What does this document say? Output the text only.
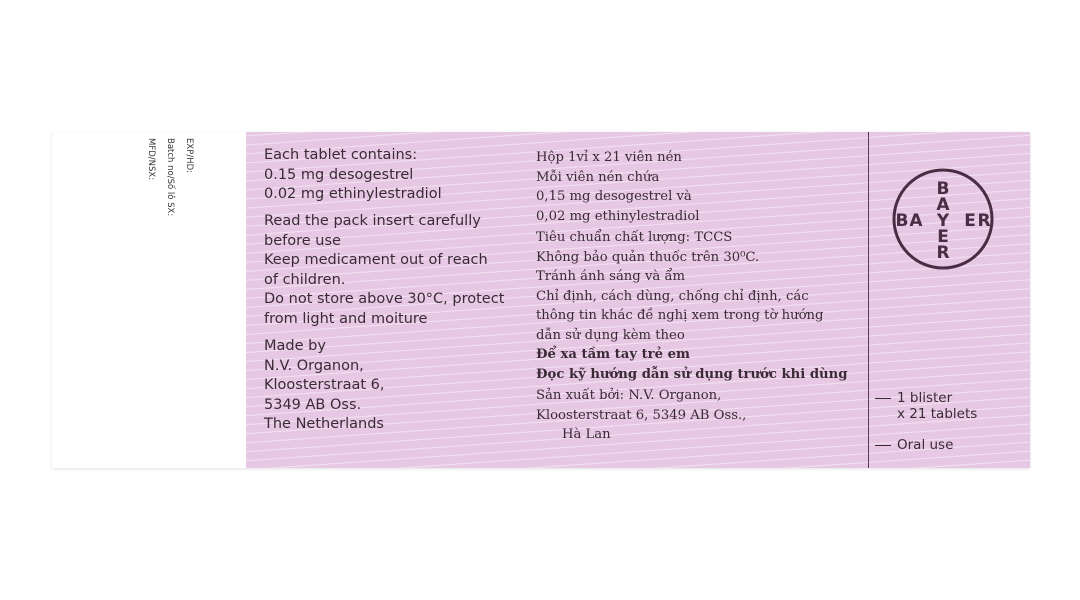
EXP/HD:
Batch no/Số lô SX:
MFD/NSX:	Each tablet contains:
0.15 mg desogestrel
0.02 mg ethinylestradiol
Read the pack insert carefully
before use
Keep medicament out of reach
of children.
Do not store above 30°C, protect
from light and moiture
Made by
N.V. Organon,
Kloosterstraat 6,
5349 AB Oss.
The Netherlands
Hộp 1vỉ x 21 viên nén
Mỗi viên nén chứa
0,15 mg desogestrel và
0,02 mg ethinylestradiol
Tiêu chuẩn chất lượng: TCCS
Không bảo quản thuốc trên 30⁰C.
Tránh ánh sáng và ẩm
Chỉ định, cách dùng, chống chỉ định, các
thông tin khác đề nghị xem trong tờ hướng
dẫn sử dụng kèm theo
Để xa tầm tay trẻ em
Đọc kỹ hướng dẫn sử dụng trước khi dùng
Sản xuất bởi: N.V. Organon,
Kloosterstraat 6, 5349 AB Oss.,
Hà Lan
B
A
Y
E
R
B A E R
1 blister
x 21 tablets
Oral use
